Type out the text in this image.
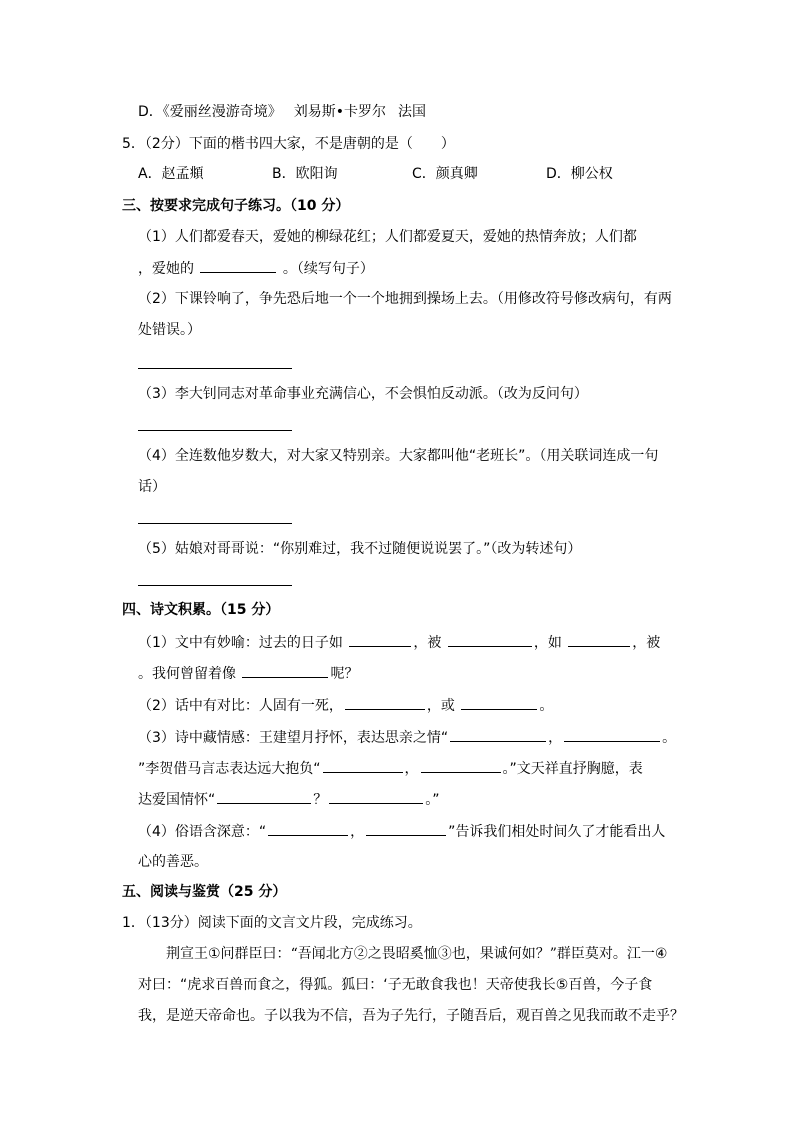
D．《爱丽丝漫游奇境》 刘易斯•卡罗尔 法国
5．（2分）下面的楷书四大家，不是唐朝的是（ ）
A．赵孟頫	B．欧阳询	C．颜真卿	D．柳公权
三、按要求完成句子练习。（10 分）
（1）人们都爱春天，爱她的柳绿花红；人们都爱夏天，爱她的热情奔放；人们都
，爱她的	。（续写句子）
（2）下课铃响了，争先恐后地一个一个地拥到操场上去。（用修改符号修改病句，有两
处错误。）
（3）李大钊同志对革命事业充满信心，不会惧怕反动派。（改为反问句）
（4）全连数他岁数大，对大家又特别亲。大家都叫他“老班长”。（用关联词连成一句
话）
（5）姑娘对哥哥说：“你别难过，我不过随便说说罢了。”（改为转述句）
四、诗文积累。（15 分）
（1）文中有妙喻：过去的日子如	，被	，如	，被
。我何曾留着像	呢？
（2）话中有对比：人固有一死，	，或	。
（3）诗中藏情感：王建望月抒怀，表达思亲之情“	，	。
”李贺借马言志表达远大抱负“	，	。”文天祥直抒胸臆，表
达爱国情怀“	？	。”
（4）俗语含深意：“	，	”告诉我们相处时间久了才能看出人
心的善恶。
五、阅读与鉴赏（25 分）
1．（13分）阅读下面的文言文片段，完成练习。
荆宣王①问群臣曰：“吾闻北方②之畏昭奚恤③也，果诚何如？”群臣莫对。江一④
对曰：“虎求百兽而食之，得狐。狐曰：‘子无敢食我也！天帝使我长⑤百兽，今子食
我，是逆天帝命也。子以我为不信，吾为子先行，子随吾后，观百兽之见我而敢不走乎？
